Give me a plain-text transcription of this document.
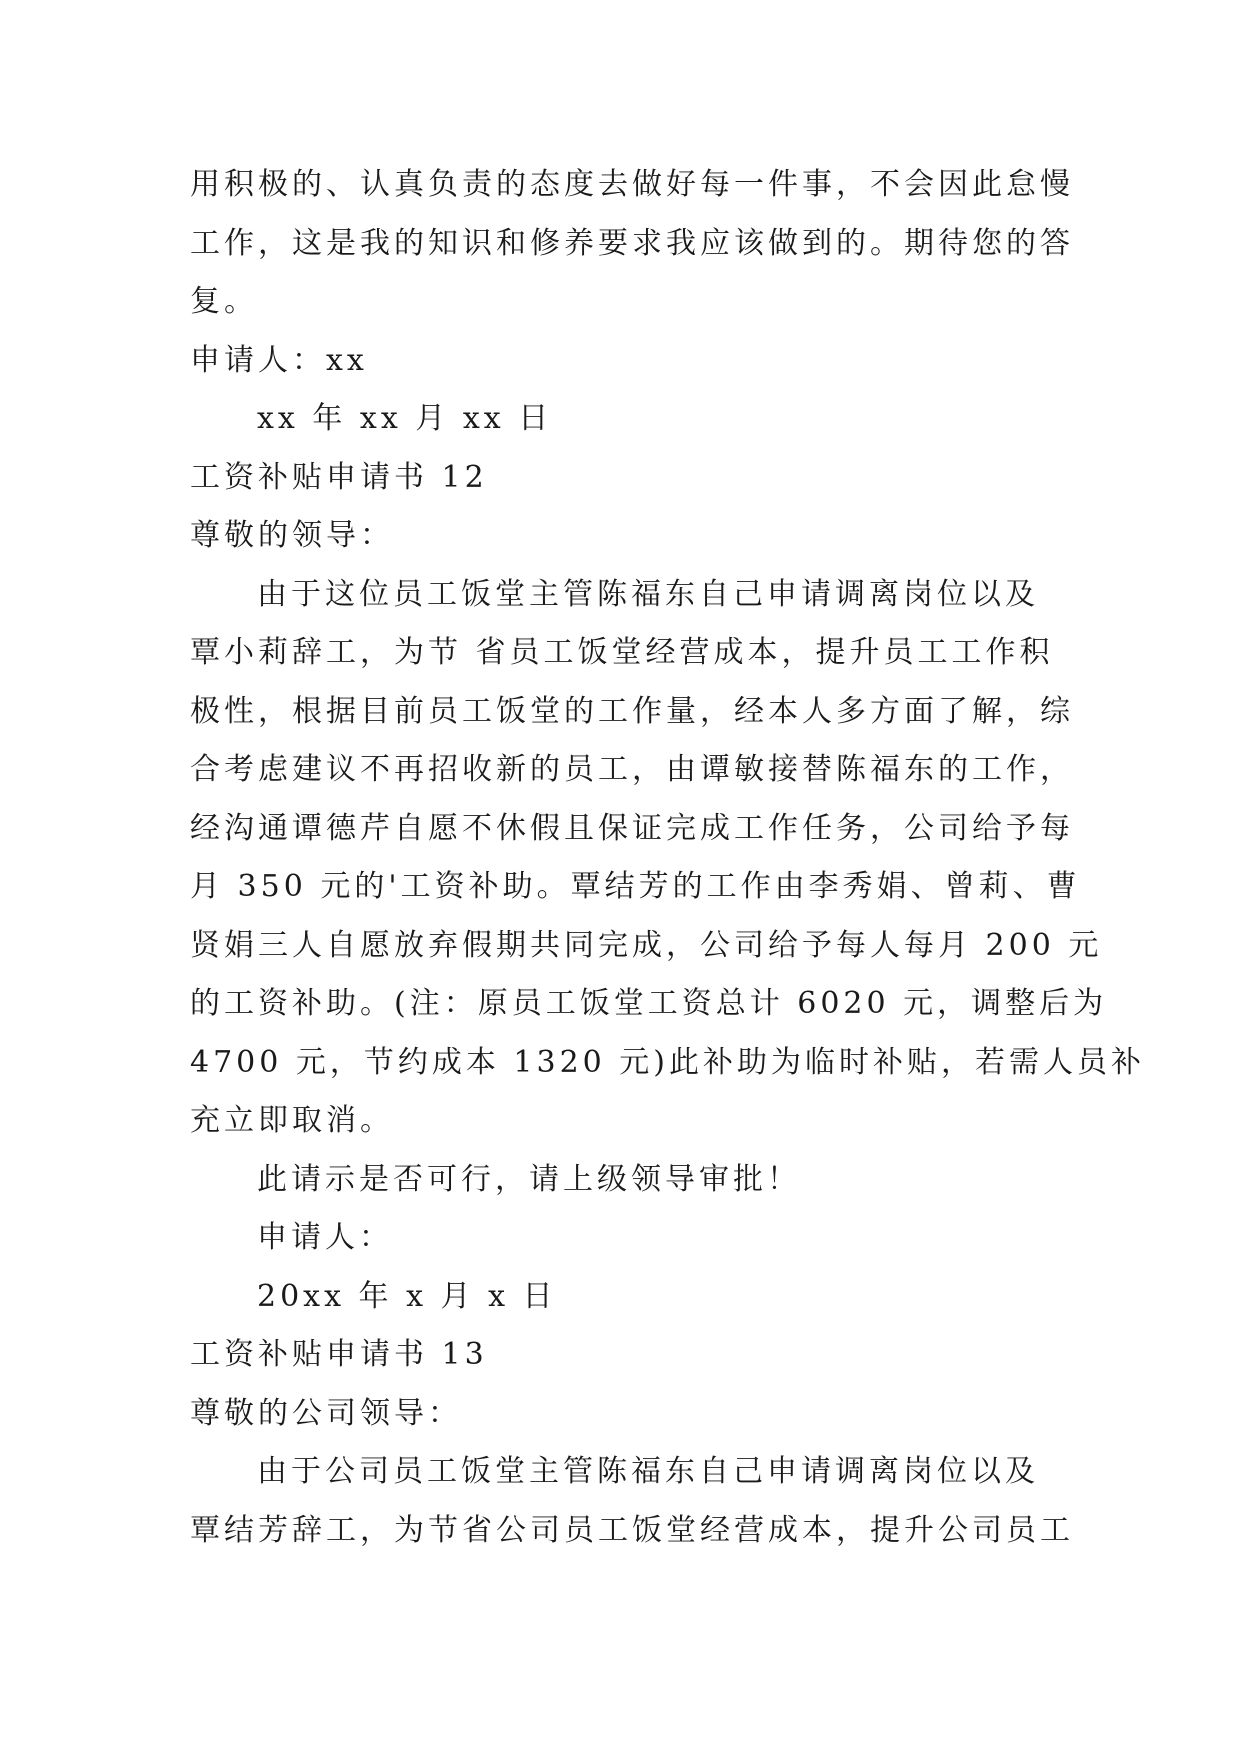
用积极的、认真负责的态度去做好每一件事，不会因此怠慢
工作，这是我的知识和修养要求我应该做到的。期待您的答
复。
申请人：xx
xx 年 xx 月 xx 日
工资补贴申请书 12
尊敬的领导：
由于这位员工饭堂主管陈福东自己申请调离岗位以及
覃小莉辞工，为节 省员工饭堂经营成本，提升员工工作积
极性，根据目前员工饭堂的工作量，经本人多方面了解，综
合考虑建议不再招收新的员工，由谭敏接替陈福东的工作，
经沟通谭德芹自愿不休假且保证完成工作任务，公司给予每
月 350 元的'工资补助。覃结芳的工作由李秀娟、曾莉、曹
贤娟三人自愿放弃假期共同完成，公司给予每人每月 200 元
的工资补助。(注：原员工饭堂工资总计 6020 元，调整后为
4700 元，节约成本 1320 元)此补助为临时补贴，若需人员补
充立即取消。
此请示是否可行，请上级领导审批！
申请人：
20xx 年 x 月 x 日
工资补贴申请书 13
尊敬的公司领导：
由于公司员工饭堂主管陈福东自己申请调离岗位以及
覃结芳辞工，为节省公司员工饭堂经营成本，提升公司员工
